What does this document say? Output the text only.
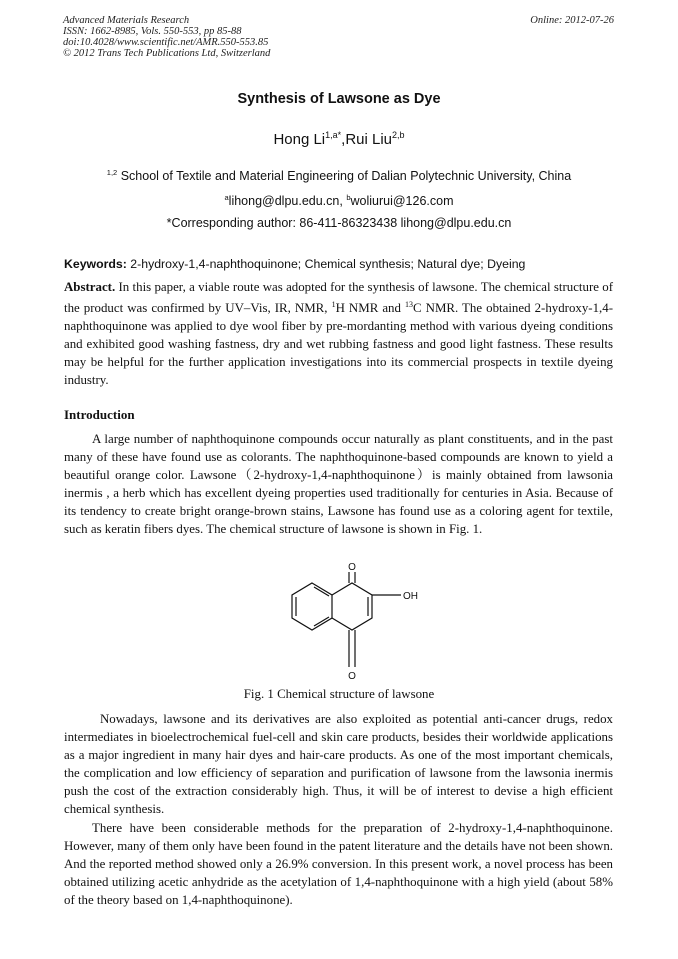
Advanced Materials Research
ISSN: 1662-8985, Vols. 550-553, pp 85-88
doi:10.4028/www.scientific.net/AMR.550-553.85
© 2012 Trans Tech Publications Ltd, Switzerland
Online: 2012-07-26
Synthesis of Lawsone as Dye
Hong $Li^{1,a*},Rui$ Liu$^{2,b}$
$^{1,2}$ School of Textile and Material Engineering of Dalian Polytechnic University, China
$^a$lihong@dlpu.edu.cn, $^b$woliurui@126.com
*Corresponding author: 86-411-86323438 lihong@dlpu.edu.cn
Keywords: 2-hydroxy-1,4-naphthoquinone; Chemical synthesis; Natural dye; Dyeing
Abstract. In this paper, a viable route was adopted for the synthesis of lawsone. The chemical structure of the product was confirmed by UV–Vis, IR, NMR, $^1$H NMR and $^{13}$C NMR. The obtained 2-hydroxy-1,4-naphthoquinone was applied to dye wool fiber by pre-mordanting method with various dyeing conditions and exhibited good washing fastness, dry and wet rubbing fastness and good light fastness. These results may be helpful for the further application investigations into its commercial prospects in textile dyeing industry.
Introduction
A large number of naphthoquinone compounds occur naturally as plant constituents, and in the past many of these have found use as colorants. The naphthoquinone-based compounds are known to yield a beautiful orange color. Lawsone（2-hydroxy-1,4-naphthoquinone）is mainly obtained from lawsonia inermis , a herb which has excellent dyeing properties used traditionally for centuries in Asia. Because of its tendency to create bright orange-brown stains, Lawsone has found use as a coloring agent for textile, such as keratin fibers dyes. The chemical structure of lawsone is shown in Fig. 1.
O
OH
O
Fig. 1 Chemical structure of lawsone
Nowadays, lawsone and its derivatives are also exploited as potential anti-cancer drugs, redox intermediates in bioelectrochemical fuel-cell and skin care products, besides their worldwide applications as a major ingredient in many hair dyes and hair-care products. As one of the most important chemicals, the complication and low efficiency of separation and purification of lawsone from the lawsonia inermis push the cost of the extraction considerably high. Thus, it will be of interest to devise a high efficient chemical synthesis.
There have been considerable methods for the preparation of 2-hydroxy-1,4-naphthoquinone. However, many of them only have been found in the patent literature and the details have not been shown. And the reported method showed only a 26.9% conversion. In this present work, a novel process has been obtained utilizing acetic anhydride as the acetylation of 1,4-naphthoquinone with a high yield (about 58% of the theory based on 1,4-naphthoquinone).
